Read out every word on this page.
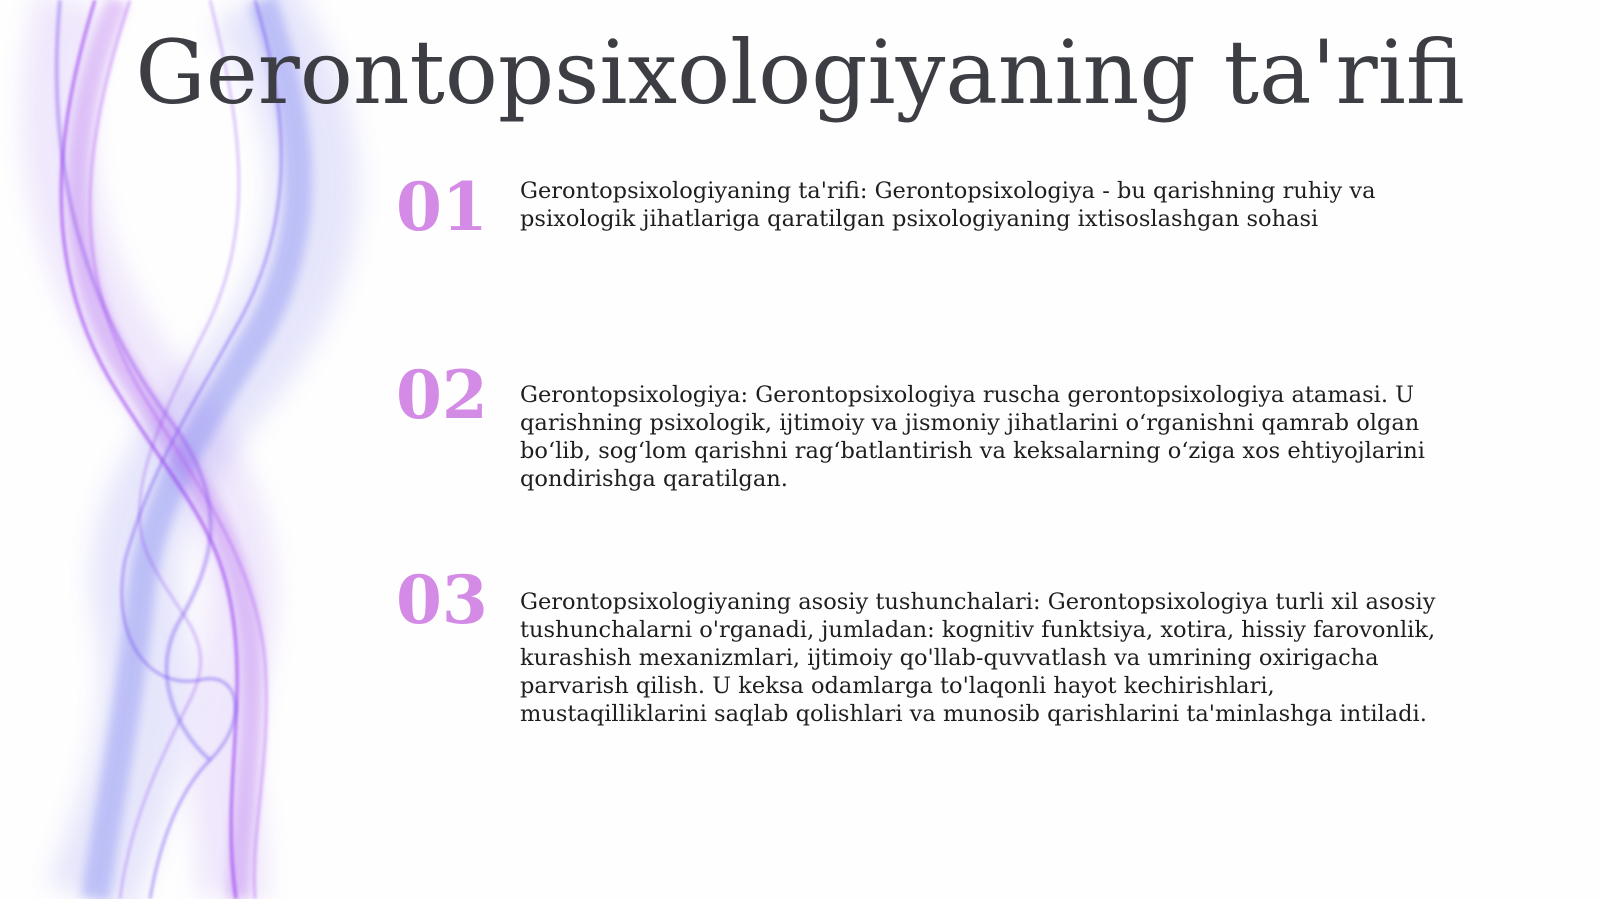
Gerontopsixologiyaning ta'rifi
01 Gerontopsixologiyaning ta'rifi: Gerontopsixologiya - bu qarishning ruhiy va psixologik jihatlariga qaratilgan psixologiyaning ixtisoslashgan sohasi
02 Gerontopsixologiya: Gerontopsixologiya ruscha gerontopsixologiya atamasi. U qarishning psixologik, ijtimoiy va jismoniy jihatlarini o‘rganishni qamrab olgan bo‘lib, sog‘lom qarishni rag‘batlantirish va keksalarning o‘ziga xos ehtiyojlarini qondirishga qaratilgan.
03 Gerontopsixologiyaning asosiy tushunchalari: Gerontopsixologiya turli xil asosiy tushunchalarni o'rganadi, jumladan: kognitiv funktsiya, xotira, hissiy farovonlik, kurashish mexanizmlari, ijtimoiy qo'llab-quvvatlash va umrining oxirigacha parvarish qilish. U keksa odamlarga to'laqonli hayot kechirishlari, mustaqilliklarini saqlab qolishlari va munosib qarishlarini ta'minlashga intiladi.
